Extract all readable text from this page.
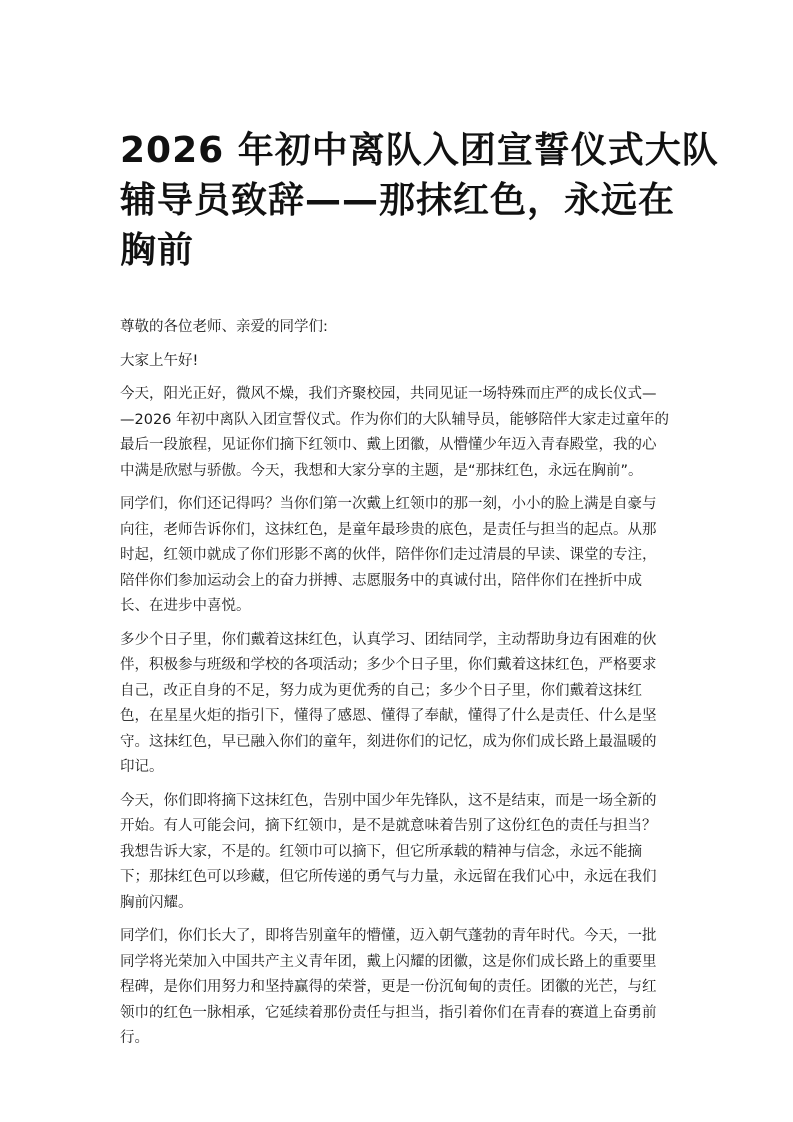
2026 年初中离队入团宣誓仪式大队
辅导员致辞——那抹红色，永远在
胸前

尊敬的各位老师、亲爱的同学们:

大家上午好!

今天，阳光正好，微风不燥，我们齐聚校园，共同见证一场特殊而庄严的成长仪式—
—2026 年初中离队入团宣誓仪式。作为你们的大队辅导员，能够陪伴大家走过童年的
最后一段旅程，见证你们摘下红领巾、戴上团徽，从懵懂少年迈入青春殿堂，我的心
中满是欣慰与骄傲。今天，我想和大家分享的主题，是“那抹红色，永远在胸前”。

同学们，你们还记得吗？当你们第一次戴上红领巾的那一刻，小小的脸上满是自豪与
向往，老师告诉你们，这抹红色，是童年最珍贵的底色，是责任与担当的起点。从那
时起，红领巾就成了你们形影不离的伙伴，陪伴你们走过清晨的早读、课堂的专注，
陪伴你们参加运动会上的奋力拼搏、志愿服务中的真诚付出，陪伴你们在挫折中成
长、在进步中喜悦。

多少个日子里，你们戴着这抹红色，认真学习、团结同学，主动帮助身边有困难的伙
伴，积极参与班级和学校的各项活动；多少个日子里，你们戴着这抹红色，严格要求
自己，改正自身的不足，努力成为更优秀的自己；多少个日子里，你们戴着这抹红
色，在星星火炬的指引下，懂得了感恩、懂得了奉献，懂得了什么是责任、什么是坚
守。这抹红色，早已融入你们的童年，刻进你们的记忆，成为你们成长路上最温暖的
印记。

今天，你们即将摘下这抹红色，告别中国少年先锋队，这不是结束，而是一场全新的
开始。有人可能会问，摘下红领巾，是不是就意味着告别了这份红色的责任与担当？
我想告诉大家，不是的。红领巾可以摘下，但它所承载的精神与信念，永远不能摘
下；那抹红色可以珍藏，但它所传递的勇气与力量，永远留在我们心中，永远在我们
胸前闪耀。

同学们，你们长大了，即将告别童年的懵懂，迈入朝气蓬勃的青年时代。今天，一批
同学将光荣加入中国共产主义青年团，戴上闪耀的团徽，这是你们成长路上的重要里
程碑，是你们用努力和坚持赢得的荣誉，更是一份沉甸甸的责任。团徽的光芒，与红
领巾的红色一脉相承，它延续着那份责任与担当，指引着你们在青春的赛道上奋勇前
行。
